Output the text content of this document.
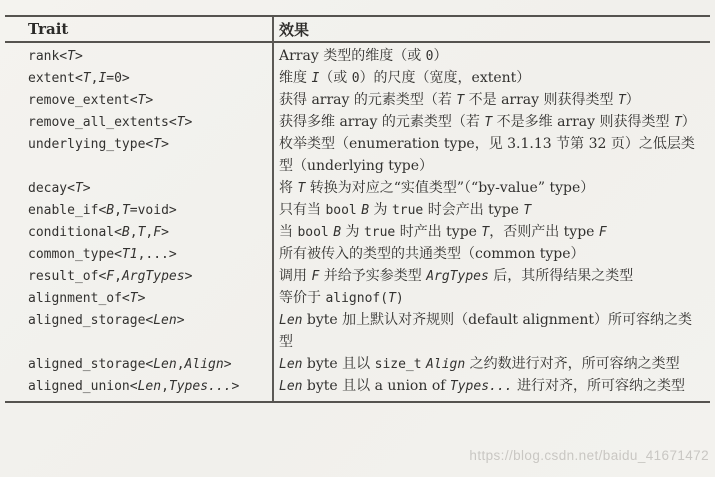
Trait	效果
rank<T>	Array 类型的维度（或 0）
extent<T,I=0>	维度 I（或 0）的尺度（宽度，extent）
remove_extent<T>	获得 array 的元素类型（若 T 不是 array 则获得类型 T）
remove_all_extents<T>	获得多维 array 的元素类型（若 T 不是多维 array 则获得类型 T）
underlying_type<T>	枚举类型（enumeration type，见 3.1.13 节第 32 页）之低层类型（underlying type）
decay<T>	将 T 转换为对应之“实值类型”（“by-value” type）
enable_if<B,T=void>	只有当 bool B 为 true 时会产出 type T
conditional<B,T,F>	当 bool B 为 true 时产出 type T，否则产出 type F
common_type<T1,...>	所有被传入的类型的共通类型（common type）
result_of<F,ArgTypes>	调用 F 并给予实参类型 ArgTypes 后，其所得结果之类型
alignment_of<T>	等价于 alignof(T)
aligned_storage<Len>	Len byte 加上默认对齐规则（default alignment）所可容纳之类型
aligned_storage<Len,Align>	Len byte 且以 size_t Align 之约数进行对齐，所可容纳之类型
aligned_union<Len,Types...>	Len byte 且以 a union of Types... 进行对齐，所可容纳之类型
https://blog.csdn.net/baidu_41671472
